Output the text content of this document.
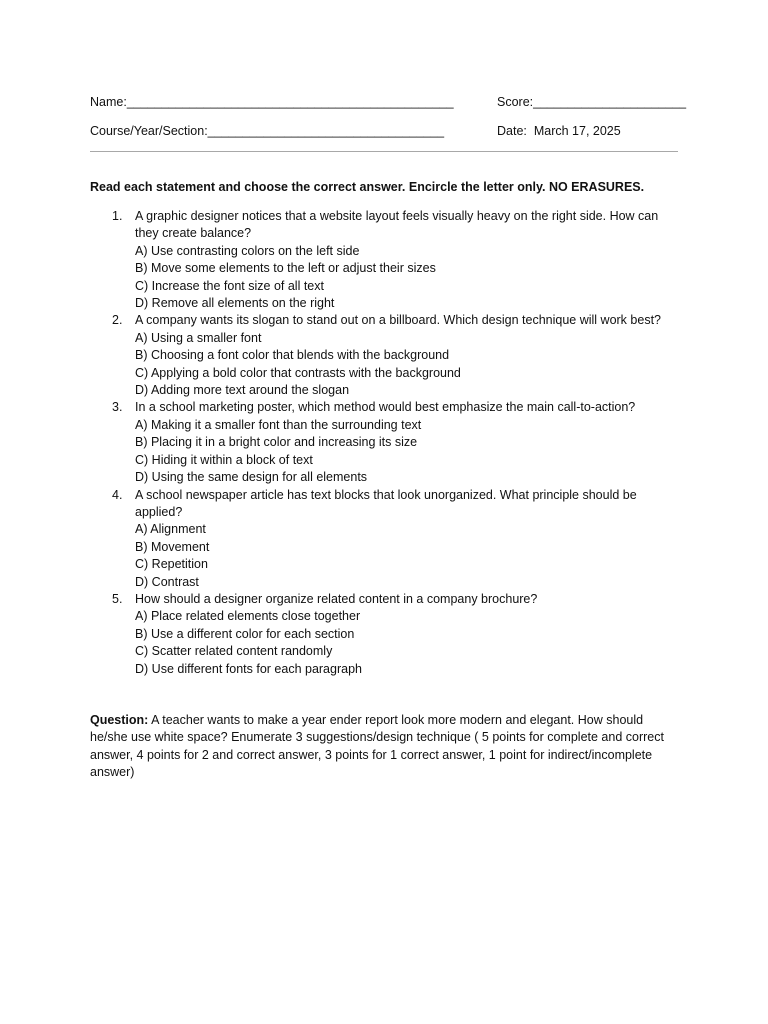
Name:_______________________________________________	Score:______________________
Course/Year/Section:__________________________________	Date: March 17, 2025
Read each statement and choose the correct answer. Encircle the letter only. NO ERASURES.
1. A graphic designer notices that a website layout feels visually heavy on the right side. How can they create balance?
A) Use contrasting colors on the left side
B) Move some elements to the left or adjust their sizes
C) Increase the font size of all text
D) Remove all elements on the right
2. A company wants its slogan to stand out on a billboard. Which design technique will work best?
A) Using a smaller font
B) Choosing a font color that blends with the background
C) Applying a bold color that contrasts with the background
D) Adding more text around the slogan
3. In a school marketing poster, which method would best emphasize the main call-to-action?
A) Making it a smaller font than the surrounding text
B) Placing it in a bright color and increasing its size
C) Hiding it within a block of text
D) Using the same design for all elements
4. A school newspaper article has text blocks that look unorganized. What principle should be applied?
A) Alignment
B) Movement
C) Repetition
D) Contrast
5. How should a designer organize related content in a company brochure?
A) Place related elements close together
B) Use a different color for each section
C) Scatter related content randomly
D) Use different fonts for each paragraph
Question: A teacher wants to make a year ender report look more modern and elegant. How should he/she use white space? Enumerate 3 suggestions/design technique ( 5 points for complete and correct answer, 4 points for 2 and correct answer, 3 points for 1 correct answer, 1 point for indirect/incomplete answer)
